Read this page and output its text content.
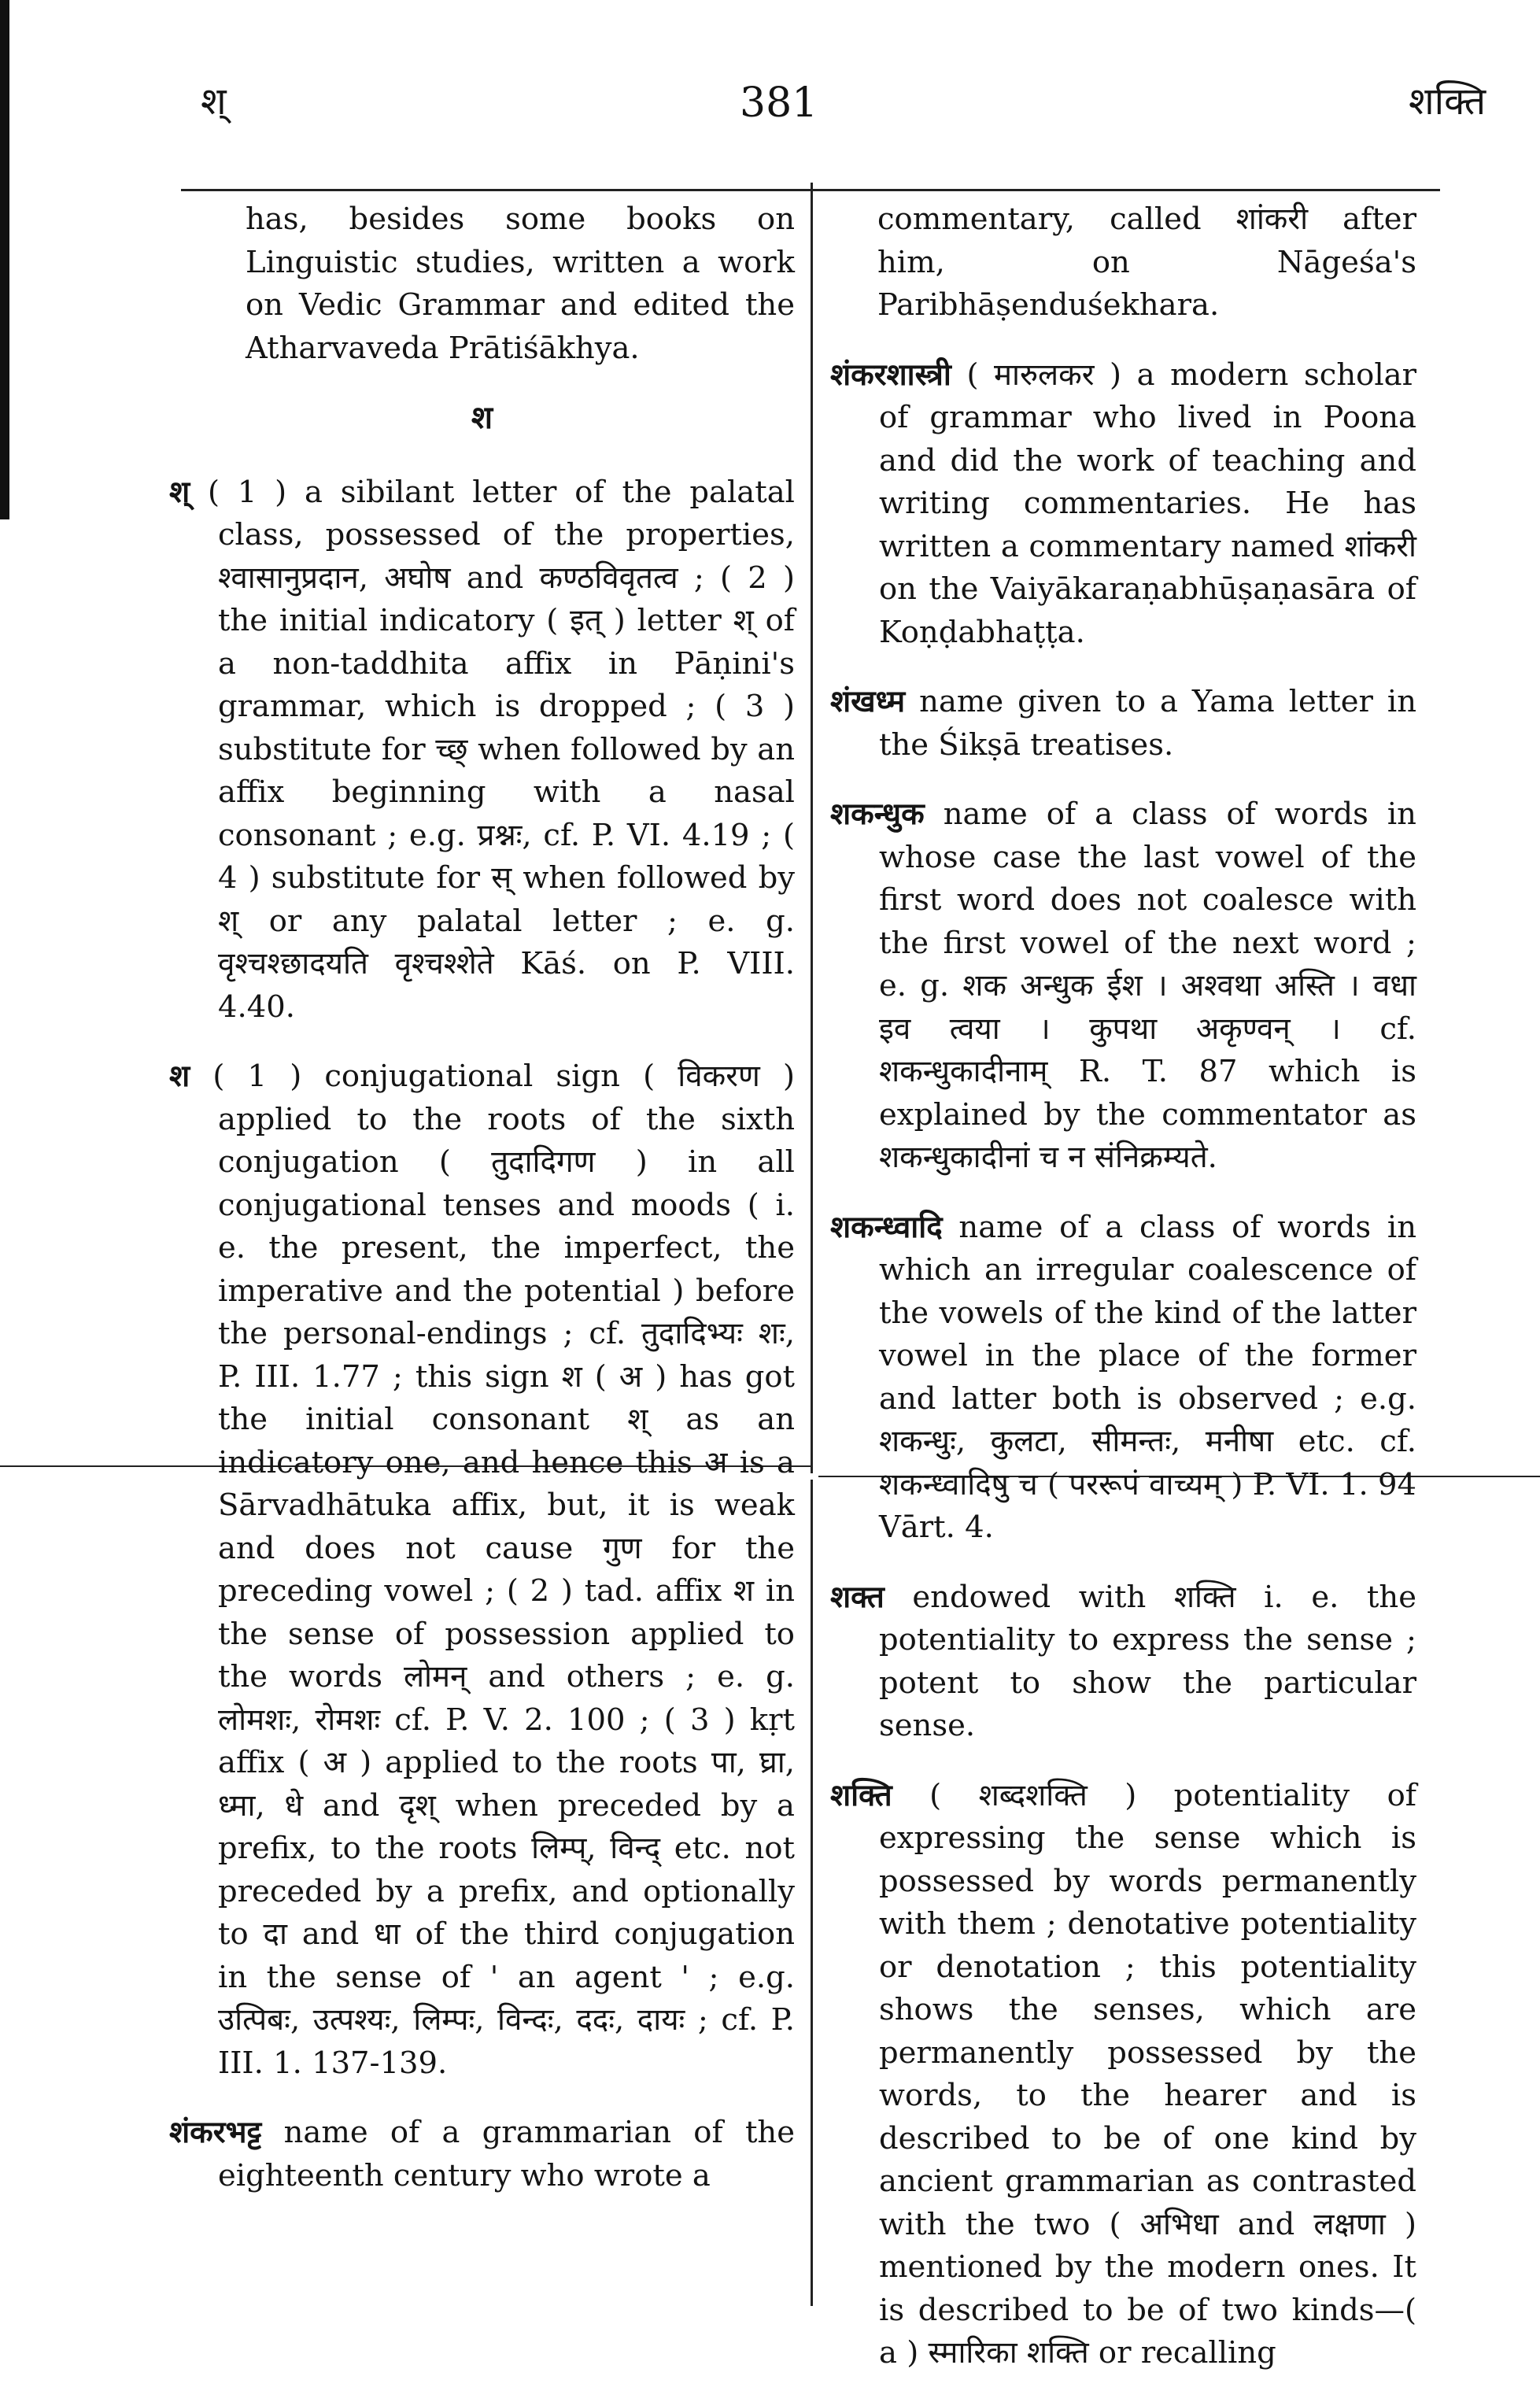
श्	381	शक्ति
has, besides some books on Linguistic studies, written a work on Vedic Grammar and edited the Atharvaveda Prātiśākhya.
श
श् ( 1 ) a sibilant letter of the palatal class, possessed of the properties, श्वासानुप्रदान, अघोष and कण्ठविवृतत्व ; ( 2 ) the initial indicatory ( इत् ) letter श् of a non-taddhita affix in Pāṇini's grammar, which is dropped ; ( 3 ) substitute for च्छ् when followed by an affix beginning with a nasal consonant ; e.g. प्रश्नः, cf. P. VI. 4.19 ; ( 4 ) substitute for स् when followed by श् or any palatal letter ; e. g. वृश्चश्छादयति वृश्चश्शेते Kāś. on P. VIII. 4.40.
श ( 1 ) conjugational sign ( विकरण ) applied to the roots of the sixth conjugation ( तुदादिगण ) in all conjugational tenses and moods ( i. e. the present, the imperfect, the imperative and the potential ) before the personal-endings ; cf. तुदादिभ्यः शः, P. III. 1.77 ; this sign श ( अ ) has got the initial consonant श् as an indicatory one, and hence this अ is a Sārvadhātuka affix, but, it is weak and does not cause गुण for the preceding vowel ; ( 2 ) tad. affix श in the sense of possession applied to the words लोमन् and others ; e. g. लोमशः, रोमशः cf. P. V. 2. 100 ; ( 3 ) kṛt affix ( अ ) applied to the roots पा, घ्रा, ध्मा, धे and दृश् when preceded by a prefix, to the roots लिम्प्, विन्द् etc. not preceded by a prefix, and optionally to दा and धा of the third conjugation in the sense of ' an agent ' ; e.g. उत्पिबः, उत्पश्यः, लिम्पः, विन्दः, ददः, दायः ; cf. P. III. 1. 137-139.
शंकरभट्ट name of a grammarian of the eighteenth century who wrote a
commentary, called शांकरी after him, on Nāgeśa's Paribhāṣenduśekhara.
शंकरशास्त्री ( मारुलकर ) a modern scholar of grammar who lived in Poona and did the work of teaching and writing commentaries. He has written a commentary named शांकरी on the Vaiyākaraṇabhūṣaṇasāra of Koṇḍabhaṭṭa.
शंखध्म name given to a Yama letter in the Śikṣā treatises.
शकन्धुक name of a class of words in whose case the last vowel of the first word does not coalesce with the first vowel of the next word ; e. g. शक अन्धुक ईश । अश्वथा अस्ति । वधा इव त्वया । कुपथा अकृण्वन् । cf. शकन्धुकादीनाम् R. T. 87 which is explained by the commentator as शकन्धुकादीनां च न संनिक्रम्यते.
शकन्ध्वादि name of a class of words in which an irregular coalescence of the vowels of the kind of the latter vowel in the place of the former and latter both is observed ; e.g. शकन्धुः, कुलटा, सीमन्तः, मनीषा etc. cf. शकन्ध्वादिषु च ( पररूपं वाच्यम् ) P. VI. 1. 94 Vārt. 4.
शक्त endowed with शक्ति i. e. the potentiality to express the sense ; potent to show the particular sense.
शक्ति ( शब्दशक्ति ) potentiality of expressing the sense which is possessed by words permanently with them ; denotative potentiality or denotation ; this potentiality shows the senses, which are permanently possessed by the words, to the hearer and is described to be of one kind by ancient grammarian as contrasted with the two ( अभिधा and लक्षणा ) mentioned by the modern ones. It is described to be of two kinds—( a ) स्मारिका शक्ति or recalling
